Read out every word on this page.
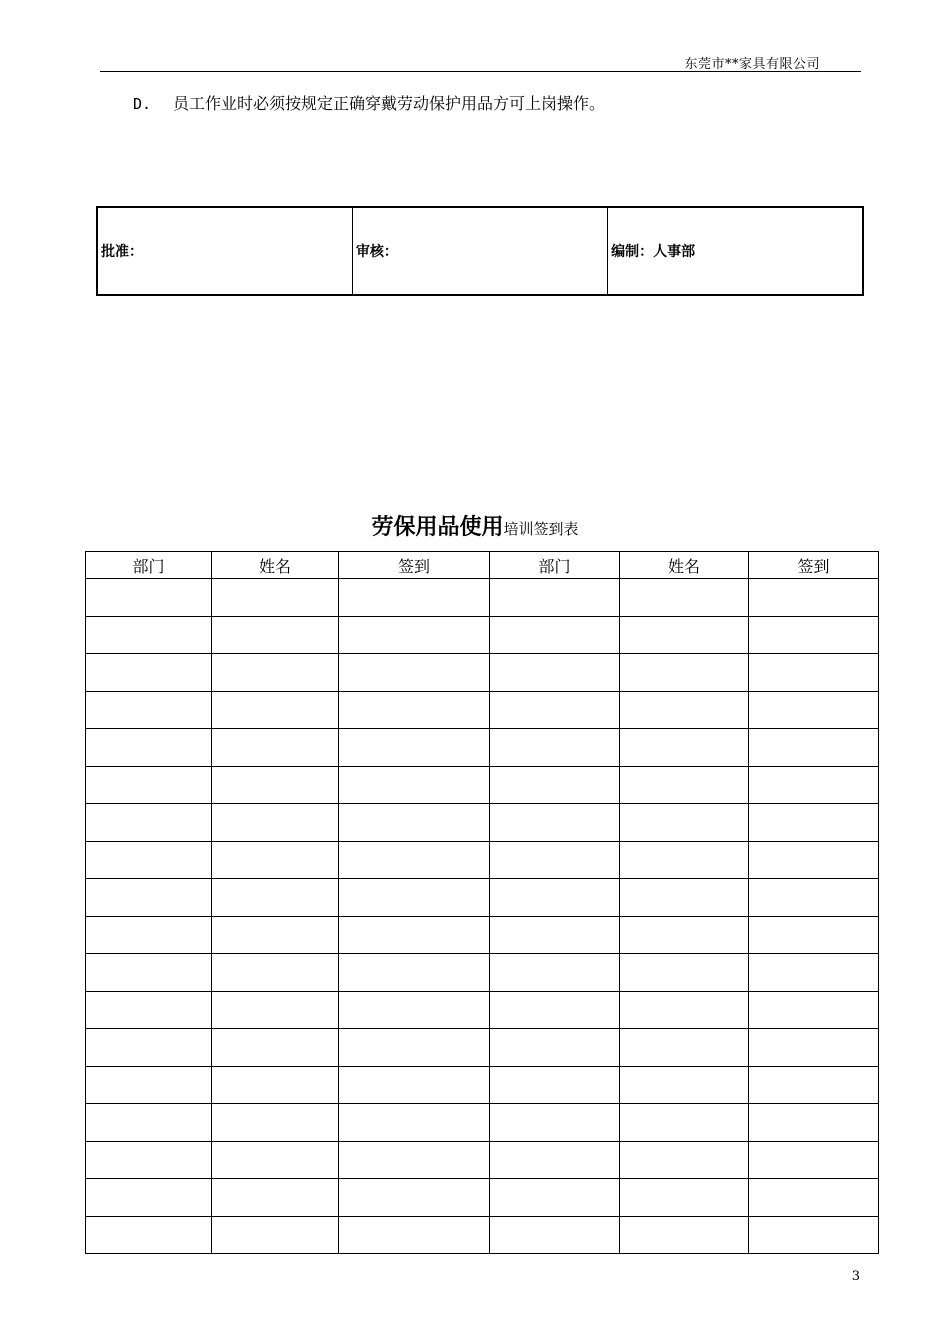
东莞市**家具有限公司
D. 员工作业时必须按规定正确穿戴劳动保护用品方可上岗操作。
批准：	审核：	编制：人事部
劳保用品使用培训签到表
部门	姓名	签到	部门	姓名	签到

3
